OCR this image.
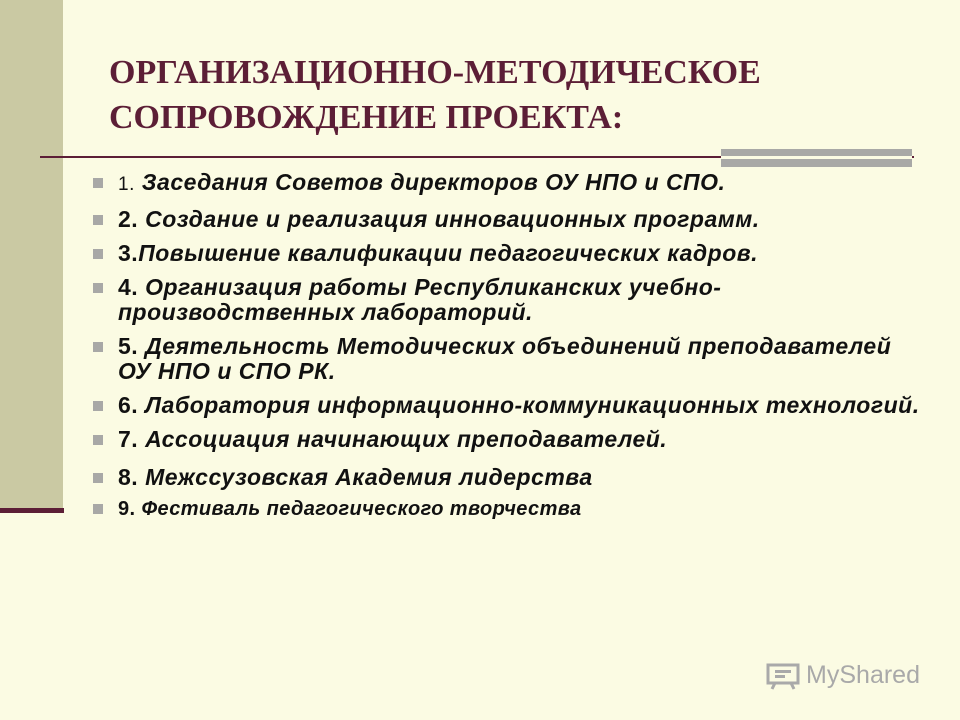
ОРГАНИЗАЦИОННО-МЕТОДИЧЕСКОЕ
СОПРОВОЖДЕНИЕ ПРОЕКТА:
1. Заседания Советов директоров ОУ НПО и СПО.
2. Создание и реализация инновационных программ.
3.Повышение квалификации педагогических кадров.
4. Организация работы Республиканских учебно-производственных лабораторий.
5. Деятельность Методических объединений преподавателей ОУ НПО и СПО РК.
6. Лаборатория информационно-коммуникационных технологий.
7. Ассоциация начинающих преподавателей.
8. Межссузовская Академия лидерства
9. Фестиваль педагогического творчества
MyShared
